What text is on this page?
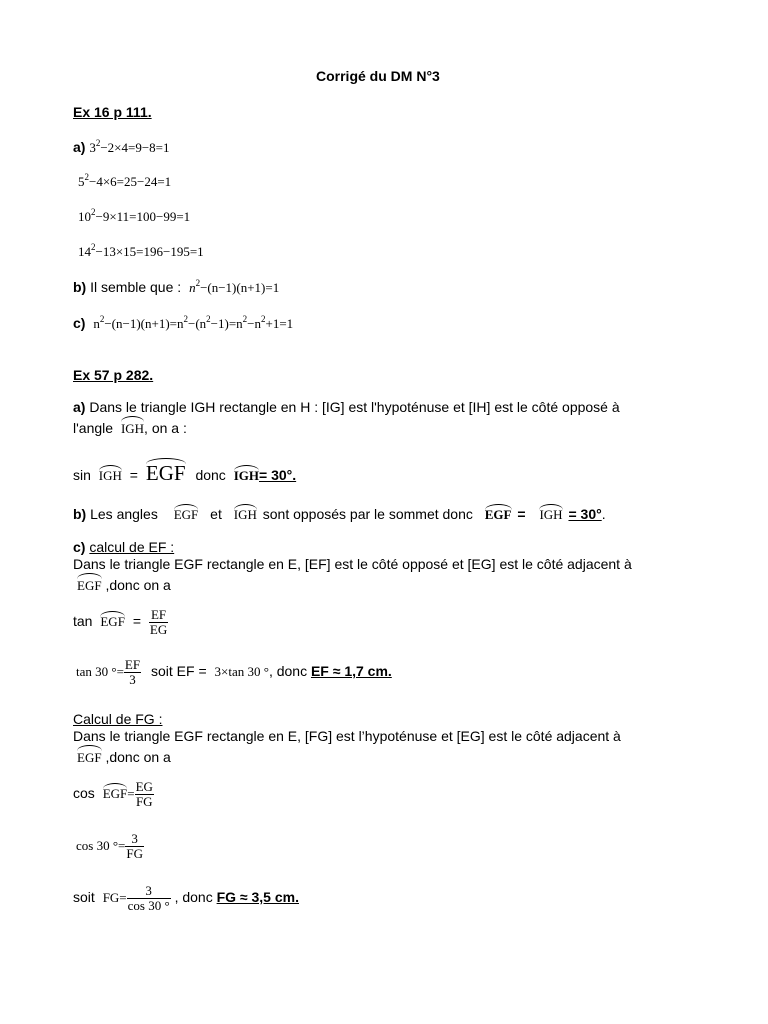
Corrigé du DM N°3
Ex 16 p 111.
a) $3^2-2\times 4=9-8=1$
$5^2-4\times 6=25-24=1$
$10^2-9\times 11=100-99=1$
$14^2-13\times 15=196-195=1$
b) Il semble que : $n^2-(n-1)(n+1)=1$
c) $n^2-(n-1)(n+1)=n^2-(n^2-1)=n^2-n^2+1=1$
Ex 57 p 282.
a) Dans le triangle IGH rectangle en H : [IG] est l'hypoténuse et [IH] est le côté opposé à
l'angle IGH, on a :
sin IGH = EGF donc IGH= 30°.
b) Les angles EGF et IGH sont opposés par le sommet donc EGF = IGH = 30°.
c) calcul de EF :
Dans le triangle EGF rectangle en E, [EF] est le côté opposé et [EG] est le côté adjacent à
EGF ,donc on a
tan EGF = $\frac{EF}{EG}$
tan 30 °= $\frac{EF}{3}$ soit EF = 3×tan 30 °, donc EF ≈ 1,7 cm.
Calcul de FG :
Dans le triangle EGF rectangle en E, [FG] est l’hypoténuse et [EG] est le côté adjacent à
EGF ,donc on a
$\cos EGF= \frac{EG}{FG}$
cos 30 °= $\frac{3}{FG}$
soit $FG= \frac{3}{\cos 30 ^\circ}$ , donc FG ≈ 3,5 cm.
